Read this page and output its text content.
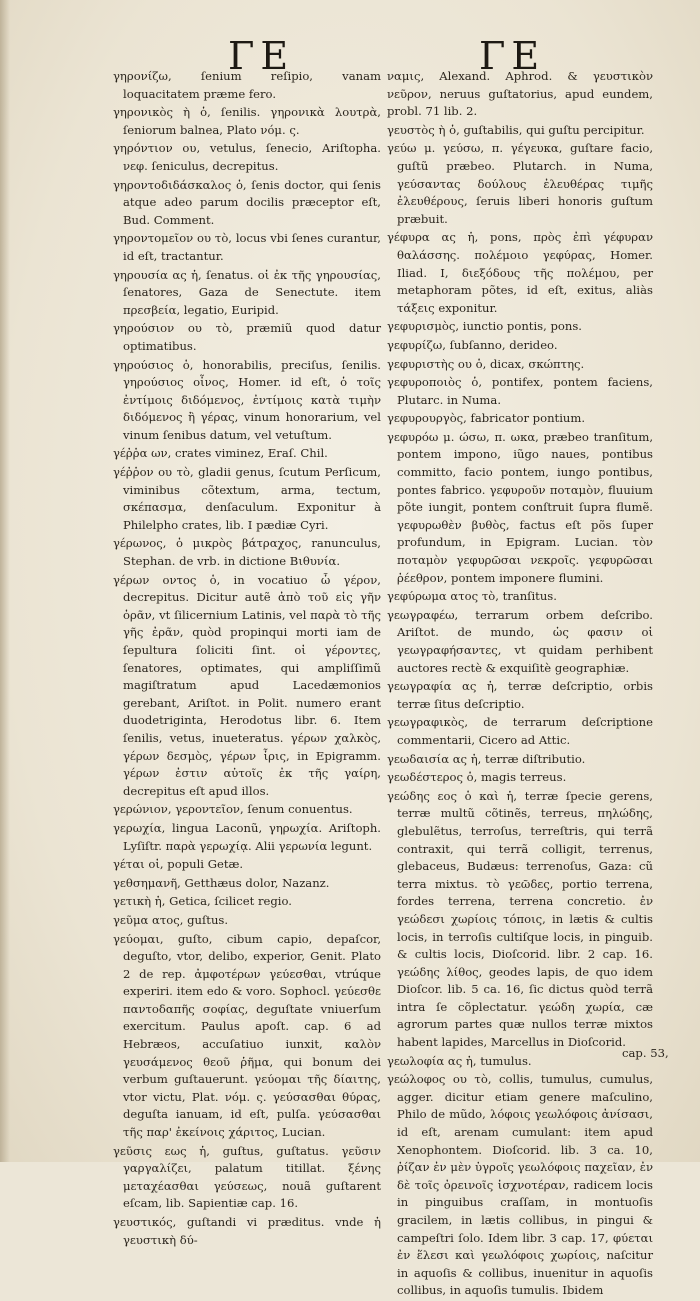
ΓΕ	ΓΕ

γηρονίζω, ſenium reſipio, vanam loquacitatem præme fero.

γηρονικὸς ὴ ὁ, ſenilis. γηρονικὰ λουτρὰ, ſeniorum balnea, Plato νόμ. ς.

γηρόντιον ου, vetulus, ſenecio, Ariſtopha. νεφ. ſeniculus, decrepitus.

γηροντοδιδάσκαλος ὁ, ſenis doctor, qui ſenis atque adeo parum docilis præceptor eſt, Bud. Comment.

γηροντομεῖον ου τὸ, locus vbi ſenes curantur, id eſt, tractantur.

γηρουσία ας ἡ, ſenatus. οἱ ἐκ τῆς γηρουσίας, ſenatores, Gaza de Senectute. item πρεσβεία, legatio, Euripid.

γηρούσιον ου τὸ, præmiũ quod datur optimatibus.

γηρούσιος ὁ, honorabilis, preciſus, ſenilis. γηρούσιος οἶνος, Homer. id eſt, ὁ τοῖς ἐντίμοις διδόμενος, ἐντίμοις κατὰ τιμὴν διδόμενος ἢ γέρας, vinum honorarium, vel vinum ſenibus datum, vel vetuſtum.

γέῤῥα ων, crates viminez, Eraſ. Chil.

γέῤῥον ου τὸ, gladii genus, ſcutum Perſicum, viminibus cõtextum, arma, tectum, σκέπασμα, denſaculum. Exponitur à Philelpho crates, lib. I pædiæ Cyri.

γέρωνος, ὁ μικρὸς βάτραχος, ranunculus, Stephan. de vrb. in dictione Βιθυνία.

γέρων οντος ὁ, in vocatiuo ὦ γέρον, decrepitus. Dicitur autẽ ἀπὸ τοῦ εἰς γῆν ὁρᾶν, vt ſilicernium Latinis, vel παρὰ τὸ τῆς γῆς ἐρᾶν, quòd propinqui morti iam de ſepultura ſoliciti ſint. οἱ γέροντες, ſenatores, optimates, qui ampliſſimũ magiſtratum apud Lacedæmonios gerebant, Ariſtot. in Polit. numero erant duodetriginta, Herodotus libr. 6. Item ſenilis, vetus, inueteratus. γέρων χαλκὸς, γέρων δεσμὸς, γέρων ἶρις, in Epigramm. γέρων ἐστιν αὐτοῖς ἐκ τῆς γαίρη, decrepitus eſt apud illos.

γερώνιον, γεροντεῖον, ſenum conuentus.

γερωχία, lingua Laconũ, γηρωχία. Ariſtoph. Lyſiſtr. παρὰ γερωχίᾳ. Alii γερωνία legunt.

γέται οἱ, populi Getæ.

γεθσημανῆ, Getthæus dolor, Nazanz.

γετικὴ ἡ, Getica, ſcilicet regio.

γεῦμα ατος, guſtus.

γεύομαι, guſto, cibum capio, depaſcor, deguſto, vtor, delibo, experior, Genit. Plato 2 de rep. ἀμφοτέρων γεύεσθαι, vtrúque experiri. item edo & voro. Sophocl. γεύεσθε παντοδαπῆς σοφίας, deguſtate vniuerſum exercitum. Paulus apoſt. cap. 6 ad Hebræos, accuſatiuo iunxit, καλὸν γευσάμενος θεοῦ ῥῆμα, qui bonum dei verbum guſtauerunt. γεύομαι τῆς δίαιτης, vtor victu, Plat. νόμ. ς. γεύσασθαι θύρας, deguſta ianuam, id eſt, pulſa. γεύσασθαι τῆς παρ' ἐκείνοις χάριτος, Lucian.

γεῦσις εως ἡ, guſtus, guſtatus. γεῦσιν γαργαλίζει, palatum titillat. ξένης μεταχέασθαι γεύσεως, nouã guſtarent eſcam, lib. Sapientiæ cap. 16.

γευστικός, guſtandi vi præditus. vnde ἡ γευστικὴ δύ-

ναμις, Alexand. Aphrod. & γευστικὸν νεῦρον, neruus guſtatorius, apud eundem, probl. 71 lib. 2.

γευστὸς ὴ ὁ, guſtabilis, qui guſtu percipitur.

γεύω μ. γεύσω, π. γέγευκα, guſtare facio, guſtũ præbeo. Plutarch. in Numa, γεύσαντας δούλους ἐλευθέρας τιμῆς ἐλευθέρους, ſeruis liberi honoris guſtum præbuit.

γέφυρα ας ἡ, pons, πρὸς ἐπὶ γέφυραν θαλάσσης. πολέμοιο γεφύρας, Homer. Iliad. I, διεξόδους τῆς πολέμου, per metaphoram põtes, id eſt, exitus, aliàs τάξεις exponitur.

γεφυρισμὸς, iunctio pontis, pons.

γεφυρίζω, ſubſanno, derideo.

γεφυριστὴς ου ὁ, dicax, σκώπτης.

γεφυροποιὸς ὁ, pontifex, pontem faciens, Plutarc. in Numa.

γεφυρουργὸς, fabricator pontium.

γεφυρόω μ. ώσω, π. ωκα, præbeo tranſitum, pontem impono, iũgo naues, pontibus committo, facio pontem, iungo pontibus, pontes fabrico. γεφυροῦν ποταμὸν, fluuium põte iungit, pontem conſtruit ſupra flumẽ. γεφυρωθὲν βυθὸς, factus eſt põs ſuper profundum, in Epigram. Lucian. τὸν ποταμὸν γεφυρῶσαι νεκροῖς. γεφυρῶσαι ῥέεθρον, pontem imponere flumini.

γεφύρωμα ατος τὸ, tranſitus.

γεωγραφέω, terrarum orbem deſcribo. Ariſtot. de mundo, ὡς φασιν οἱ γεωγραφήσαντες, vt quidam perhibent auctores rectè & exquiſitè geographiæ.

γεωγραφία ας ἡ, terræ deſcriptio, orbis terræ ſitus deſcriptio.

γεωγραφικὸς, de terrarum deſcriptione commentarii, Cicero ad Attic.

γεωδαισία ας ἡ, terræ diſtributio.

γεωδέστερος ὁ, magis terreus.

γεώδης εος ὁ καὶ ἡ, terræ ſpecie gerens, terræ multũ cõtinẽs, terreus, πηλώδης, glebulẽtus, terroſus, terreſtris, qui terrã contraxit, qui terrã colligit, terrenus, glebaceus, Budæus: terrenoſus, Gaza: cũ terra mixtus. τὸ γεῶδες, portio terrena, fordes terrena, terrena concretio. ἐν γεώδεσι χωρίοις τόποις, in lætis & cultis locis, in terroſis cultiſque locis, in pinguib. & cultis locis, Dioſcorid. libr. 2 cap. 16. γεώδης λίθος, geodes lapis, de quo idem Dioſcor. lib. 5 ca. 16, ſic dictus quòd terrã intra ſe cõplectatur. γεώδη χωρία, cæ agrorum partes quæ nullos terræ mixtos habent lapides, Marcellus in Dioſcorid.

γεωλοφία ας ἡ, tumulus.

γεώλοφος ου τὸ, collis, tumulus, cumulus, agger. dicitur etiam genere maſculino, Philo de mũdo, λόφοις γεωλόφοις ἀνίσασι, id eſt, arenam cumulant: item apud Xenophontem. Dioſcorid. lib. 3 ca. 10, ῥίζαν ἐν μὲν ὑγροῖς γεωλόφοις παχεῖαν, ἐν δὲ τοῖς ὀρεινοῖς ἰσχνοτέραν, radicem locis in pinguibus craſſam, in montuoſis gracilem, in lætis collibus, in pingui & campeſtri ſolo. Idem libr. 3 cap. 17, φύεται ἐν ἕλεσι καὶ γεωλόφοις χωρίοις, naſcitur in aquoſis & collibus, inuenitur in aquoſis collibus, in aquoſis tumulis. Ibidem

cap. 53,
